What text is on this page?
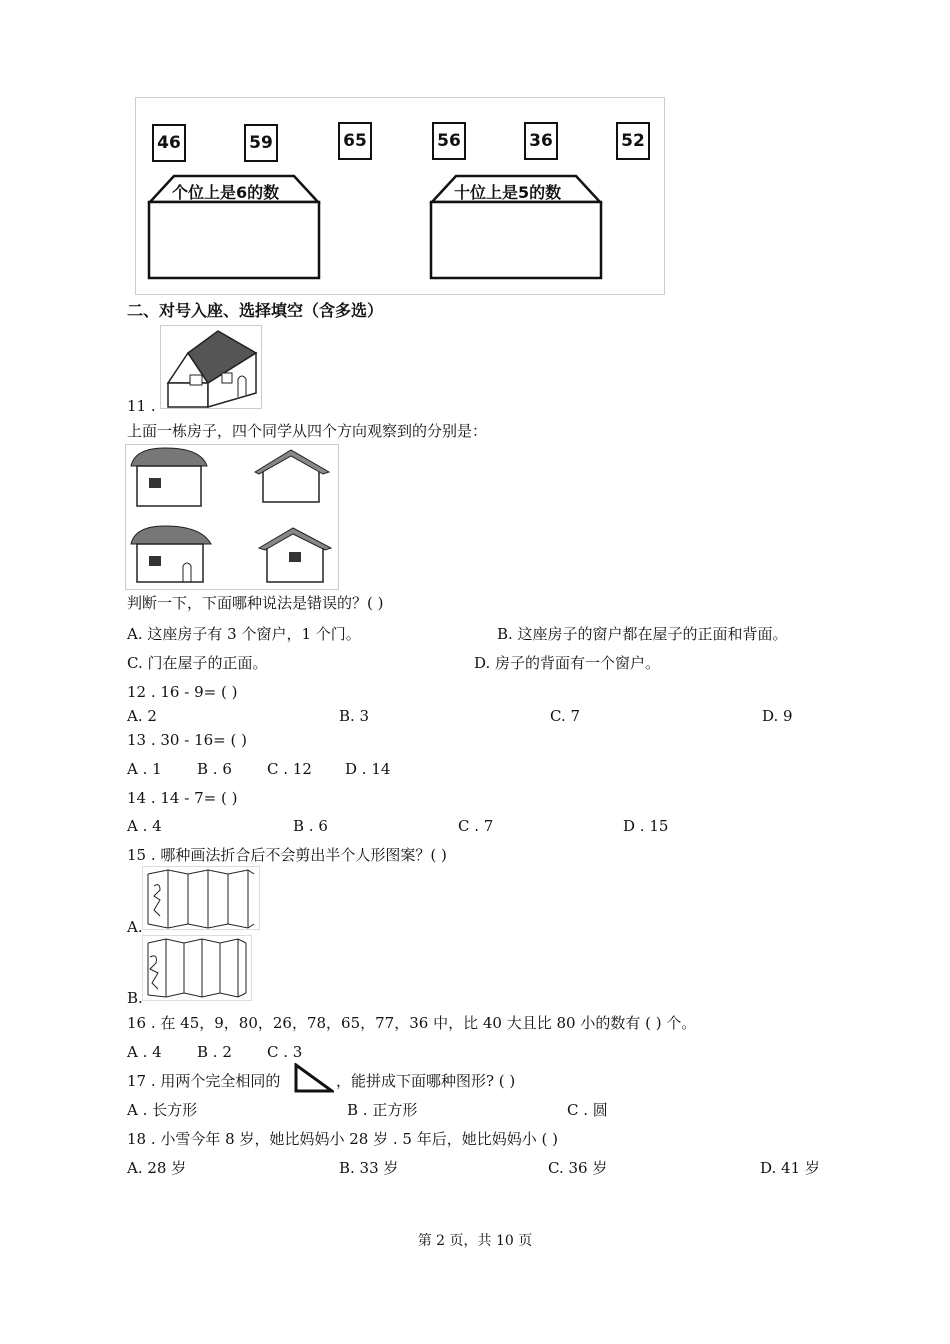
46	59	65	56	36	52
个位上是6的数	十位上是5的数
二、对号入座、选择填空（含多选）
11 .
上面一栋房子，四个同学从四个方向观察到的分别是：
判断一下，下面哪种说法是错误的？( )
A. 这座房子有 3 个窗户，1 个门。	B. 这座房子的窗户都在屋子的正面和背面。
C. 门在屋子的正面。	D. 房子的背面有一个窗户。
12 . 16 - 9= ( )
A. 2	B. 3	C. 7	D. 9
13 . 30 - 16= ( )
A . 1 B . 6 C . 12 D . 14
14 . 14 - 7= ( )
A . 4	B . 6	C . 7	D . 15
15 . 哪种画法折合后不会剪出半个人形图案？( )
A.
B.
16 . 在 45，9，80，26，78，65，77，36 中，比 40 大且比 80 小的数有 ( ) 个。
A . 4 B . 2 C . 3
17 . 用两个完全相同的	，能拼成下面哪种图形? ( )
A . 长方形	B . 正方形	C . 圆
18 . 小雪今年 8 岁，她比妈妈小 28 岁 . 5 年后，她比妈妈小 ( )
A. 28 岁	B. 33 岁	C. 36 岁	D. 41 岁
第 2 页，共 10 页
